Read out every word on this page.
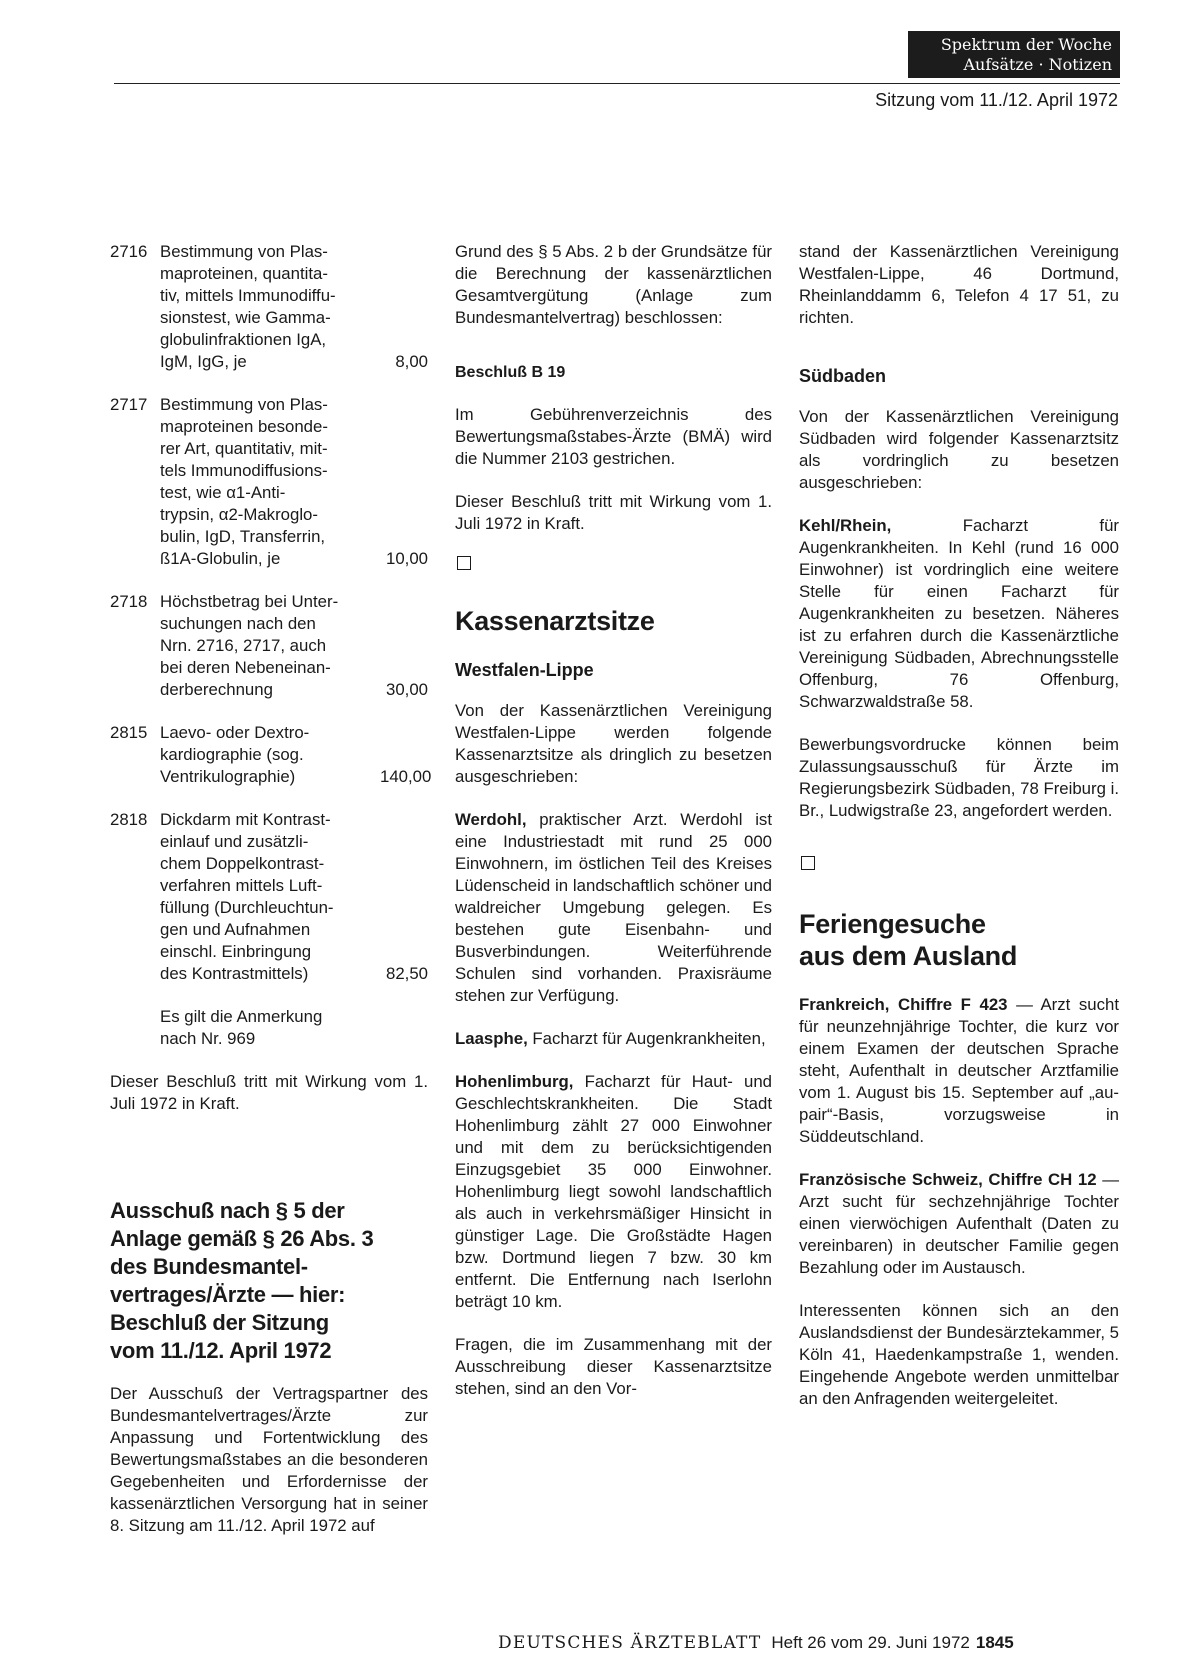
Spektrum der Woche
Aufsätze · Notizen
Sitzung vom 11./12. April 1972
2716 Bestimmung von Plas-
maproteinen, quantita-
tiv, mittels Immunodiffu-
sionstest, wie Gamma-
globulinfraktionen IgA,
IgM, IgG, je	8,00
2717 Bestimmung von Plas-
maproteinen besonde-
rer Art, quantitativ, mit-
tels Immunodiffusions-
test, wie α1-Anti-
trypsin, α2-Makroglo-
bulin, IgD, Transferrin,
ß1A-Globulin, je	10,00
2718 Höchstbetrag bei Unter-
suchungen nach den
Nrn. 2716, 2717, auch
bei deren Nebeneinan-
derberechnung	30,00
2815 Laevo- oder Dextro-
kardiographie (sog.
Ventrikulographie)	140,00
2818 Dickdarm mit Kontrast-
einlauf und zusätzli-
chem Doppelkontrast-
verfahren mittels Luft-
füllung (Durchleuchtun-
gen und Aufnahmen
einschl. Einbringung
des Kontrastmittels)	82,50
Es gilt die Anmerkung
nach Nr. 969

Dieser Beschluß tritt mit Wirkung vom 1. Juli 1972 in Kraft.

Ausschuß nach § 5 der
Anlage gemäß § 26 Abs. 3
des Bundesmantel-
vertrages/Ärzte — hier:
Beschluß der Sitzung
vom 11./12. April 1972

Der Ausschuß der Vertragspartner des Bundesmantelvertrages/Ärzte zur Anpassung und Fortentwicklung des Bewertungsmaßstabes an die besonderen Gegebenheiten und Erfordernisse der kassenärztlichen Versorgung hat in seiner 8. Sitzung am 11./12. April 1972 auf

Grund des § 5 Abs. 2 b der Grundsätze für die Berechnung der kassenärztlichen Gesamtvergütung (Anlage zum Bundesmantelvertrag) beschlossen:

Beschluß B 19

Im Gebührenverzeichnis des Bewertungsmaßstabes-Ärzte (BMÄ) wird die Nummer 2103 gestrichen.

Dieser Beschluß tritt mit Wirkung vom 1. Juli 1972 in Kraft.

Kassenarztsitze
Westfalen-Lippe

Von der Kassenärztlichen Vereinigung Westfalen-Lippe werden folgende Kassenarztsitze als dringlich zu besetzen ausgeschrieben:

Werdohl, praktischer Arzt. Werdohl ist eine Industriestadt mit rund 25 000 Einwohnern, im östlichen Teil des Kreises Lüdenscheid in landschaftlich schöner und waldreicher Umgebung gelegen. Es bestehen gute Eisenbahn- und Busverbindungen. Weiterführende Schulen sind vorhanden. Praxisräume stehen zur Verfügung.

Laasphe, Facharzt für Augenkrankheiten,

Hohenlimburg, Facharzt für Haut- und Geschlechtskrankheiten. Die Stadt Hohenlimburg zählt 27 000 Einwohner und mit dem zu berücksichtigenden Einzugsgebiet 35 000 Einwohner. Hohenlimburg liegt sowohl landschaftlich als auch in verkehrsmäßiger Hinsicht in günstiger Lage. Die Großstädte Hagen bzw. Dortmund liegen 7 bzw. 30 km entfernt. Die Entfernung nach Iserlohn beträgt 10 km.

Fragen, die im Zusammenhang mit der Ausschreibung dieser Kassenarztsitze stehen, sind an den Vor-

stand der Kassenärztlichen Vereinigung Westfalen-Lippe, 46 Dortmund, Rheinlanddamm 6, Telefon 4 17 51, zu richten.

Südbaden

Von der Kassenärztlichen Vereinigung Südbaden wird folgender Kassenarztsitz als vordringlich zu besetzen ausgeschrieben:

Kehl/Rhein, Facharzt für Augenkrankheiten. In Kehl (rund 16 000 Einwohner) ist vordringlich eine weitere Stelle für einen Facharzt für Augenkrankheiten zu besetzen. Näheres ist zu erfahren durch die Kassenärztliche Vereinigung Südbaden, Abrechnungsstelle Offenburg, 76 Offenburg, Schwarzwaldstraße 58.

Bewerbungsvordrucke können beim Zulassungsausschuß für Ärzte im Regierungsbezirk Südbaden, 78 Freiburg i. Br., Ludwigstraße 23, angefordert werden.

Feriengesuche
aus dem Ausland

Frankreich, Chiffre F 423 — Arzt sucht für neunzehnjährige Tochter, die kurz vor einem Examen der deutschen Sprache steht, Aufenthalt in deutscher Arztfamilie vom 1. August bis 15. September auf „au-pair“-Basis, vorzugsweise in Süddeutschland.

Französische Schweiz, Chiffre CH 12 — Arzt sucht für sechzehnjährige Tochter einen vierwöchigen Aufenthalt (Daten zu vereinbaren) in deutscher Familie gegen Bezahlung oder im Austausch.

Interessenten können sich an den Auslandsdienst der Bundesärztekammer, 5 Köln 41, Haedenkampstraße 1, wenden. Eingehende Angebote werden unmittelbar an den Anfragenden weitergeleitet.

DEUTSCHES ÄRZTEBLATT Heft 26 vom 29. Juni 1972 1845
